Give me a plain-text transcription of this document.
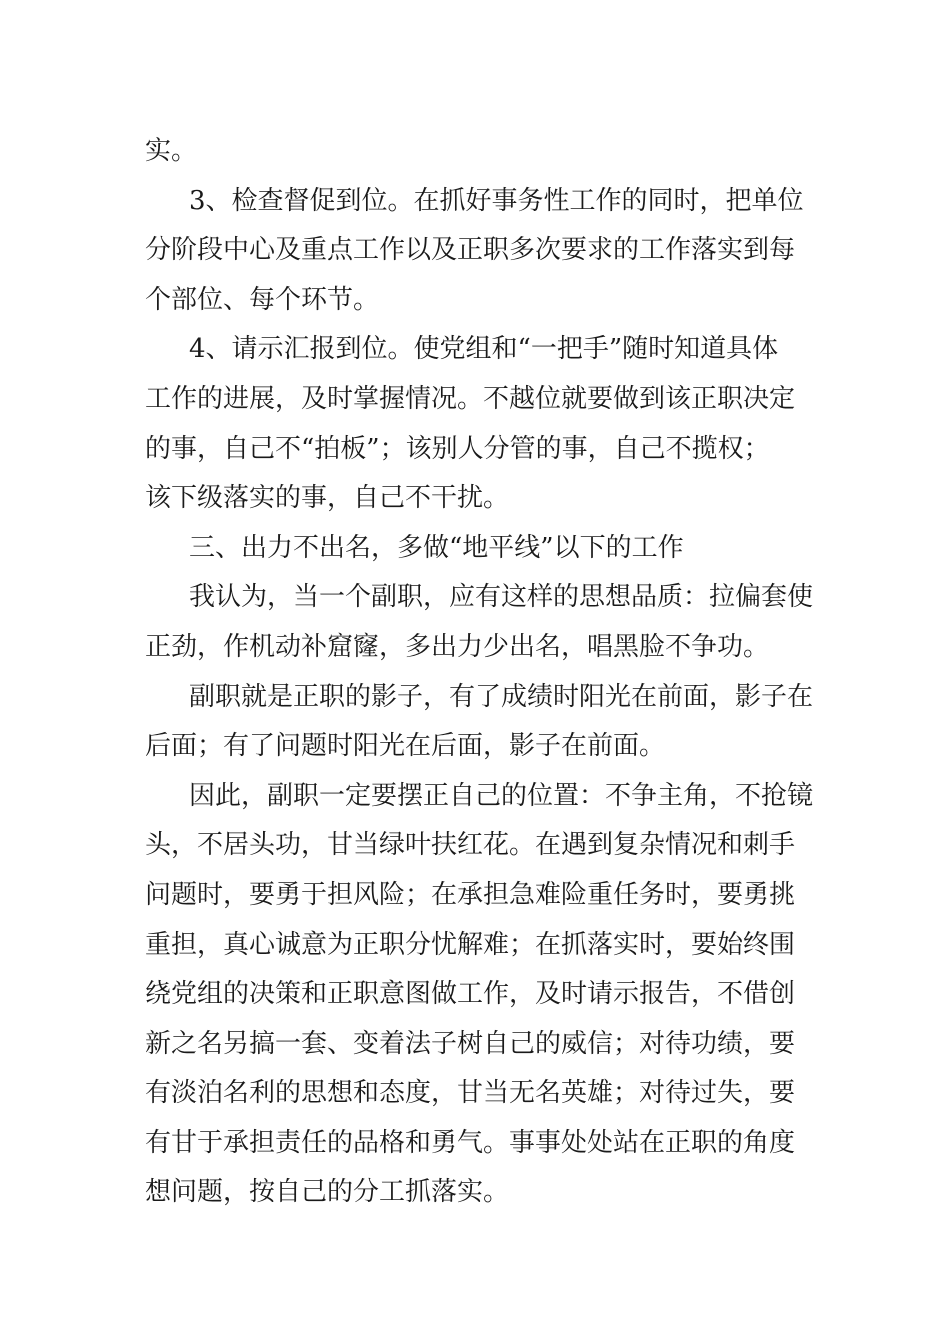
实。
3、检查督促到位。在抓好事务性工作的同时，把单位
分阶段中心及重点工作以及正职多次要求的工作落实到每
个部位、每个环节。
4、请示汇报到位。使党组和“一把手”随时知道具体
工作的进展，及时掌握情况。不越位就要做到该正职决定
的事，自己不“拍板”；该别人分管的事，自己不揽权；
该下级落实的事，自己不干扰。
三、出力不出名，多做“地平线”以下的工作
我认为，当一个副职，应有这样的思想品质：拉偏套使
正劲，作机动补窟窿，多出力少出名，唱黑脸不争功。
副职就是正职的影子，有了成绩时阳光在前面，影子在
后面；有了问题时阳光在后面，影子在前面。
因此，副职一定要摆正自己的位置：不争主角，不抢镜
头，不居头功，甘当绿叶扶红花。在遇到复杂情况和刺手
问题时，要勇于担风险；在承担急难险重任务时，要勇挑
重担，真心诚意为正职分忧解难；在抓落实时，要始终围
绕党组的决策和正职意图做工作，及时请示报告，不借创
新之名另搞一套、变着法子树自己的威信；对待功绩，要
有淡泊名利的思想和态度，甘当无名英雄；对待过失，要
有甘于承担责任的品格和勇气。事事处处站在正职的角度
想问题，按自己的分工抓落实。
